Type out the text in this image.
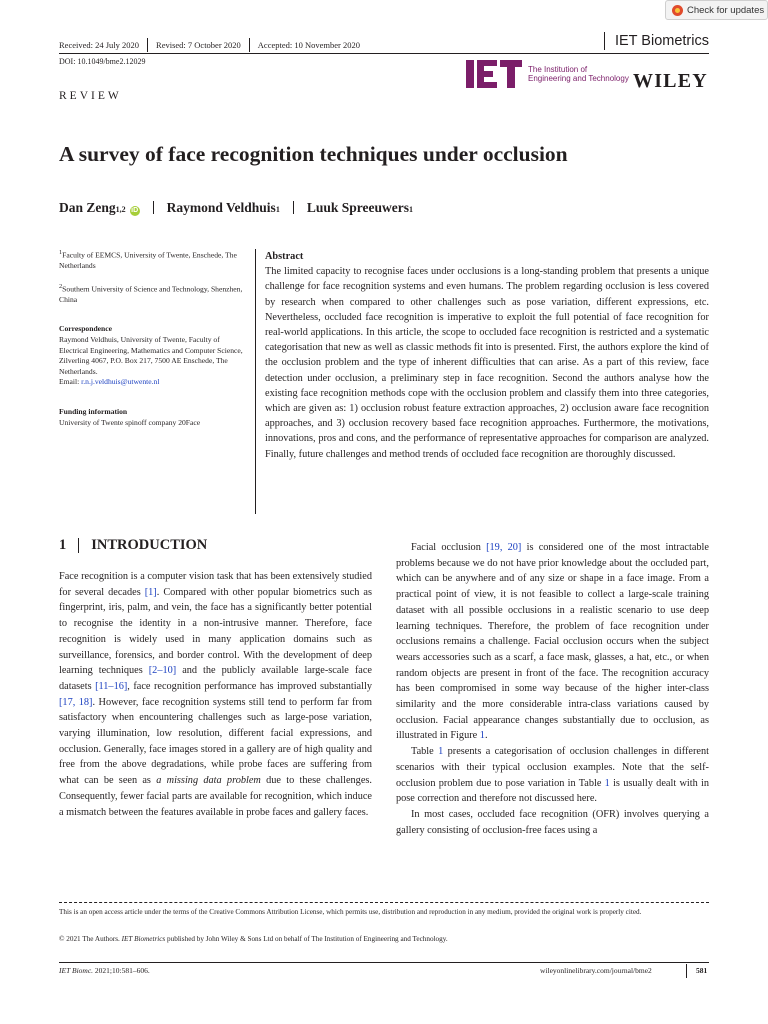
Check for updates
Received: 24 July 2020 Revised: 7 October 2020 Accepted: 10 November 2020	IET Biometrics
DOI: 10.1049/bme2.12029
The Institution of
Engineering and Technology WILEY
REVIEW
A survey of face recognition techniques under occlusion
Dan Zeng 1,2 iD Raymond Veldhuis 1 Luuk Spreeuwers 1

$^1$Faculty of EEMCS, University of Twente, Enschede, The Netherlands

$^2$Southern University of Science and Technology, Shenzhen, China

Correspondence

Raymond Veldhuis, University of Twente, Faculty of Electrical Engineering, Mathematics and Computer Science, Zilverling 4067, P.O. Box 217, 7500 AE Enschede, The Netherlands.
Email: r.n.j.veldhuis@utwente.nl

Funding information

University of Twente spinoff company 20Face

Abstract
The limited capacity to recognise faces under occlusions is a long-standing problem that presents a unique challenge for face recognition systems and even humans. The problem regarding occlusion is less covered by research when compared to other challenges such as pose variation, different expressions, etc. Nevertheless, occluded face recognition is imperative to exploit the full potential of face recognition for real-world applications. In this article, the scope to occluded face recognition is restricted and a systematic categorisation that new as well as classic methods fit into is presented. First, the authors explore the kind of the occlusion problem and the type of inherent difficulties that can arise. As a part of this review, face detection under occlusion, a preliminary step in face recognition. Second the authors analyse how the existing face recognition methods cope with the occlusion problem and classify them into three categories, which are given as: 1) occlusion robust feature extraction approaches, 2) occlusion aware face recognition approaches, and 3) occlusion recovery based face recognition approaches. Furthermore, the motivations, innovations, pros and cons, and the performance of representative approaches for comparison are analyzed. Finally, future challenges and method trends of occluded face recognition are thoroughly discussed.
1 INTRODUCTION

Face recognition is a computer vision task that has been extensively studied for several decades [1]. Compared with other popular biometrics such as fingerprint, iris, palm, and vein, the face has a significantly better potential to recognise the identity in a non-intrusive manner. Therefore, face recognition is widely used in many application domains such as surveillance, forensics, and border control. With the development of deep learning techniques [2–10] and the publicly available large-scale face datasets [11–16], face recognition performance has improved substantially [17, 18]. However, face recognition systems still tend to perform far from satisfactory when encountering challenges such as large-pose variation, varying illumination, low resolution, different facial expressions, and occlusion. Generally, face images stored in a gallery are of high quality and free from the above degradations, while probe faces are suffering from what can be seen as a missing data problem due to these challenges. Consequently, fewer facial parts are available for recognition, which induce a mismatch between the features available in probe faces and gallery faces.

Facial occlusion [19, 20] is considered one of the most intractable problems because we do not have prior knowledge about the occluded part, which can be anywhere and of any size or shape in a face image. From a practical point of view, it is not feasible to collect a large-scale training dataset with all possible occlusions in a realistic scenario to use deep learning techniques. Therefore, the problem of face recognition under occlusions remains a challenge. Facial occlusion occurs when the subject wears accessories such as a scarf, a face mask, glasses, a hat, etc., or when random objects are present in front of the face. The recognition accuracy has been compromised in some way because of the higher inter-class similarity and the more considerable intra-class variations caused by occlusion. Facial appearance changes substantially due to occlusion, as illustrated in Figure 1.

Table 1 presents a categorisation of occlusion challenges in different scenarios with their typical occlusion examples. Note that the self-occlusion problem due to pose variation in Table 1 is usually dealt with in pose correction and therefore not discussed here.

In most cases, occluded face recognition (OFR) involves querying a gallery consisting of occlusion-free faces using a

This is an open access article under the terms of the Creative Commons Attribution License, which permits use, distribution and reproduction in any medium, provided the original work is properly cited.
© 2021 The Authors. IET Biometrics published by John Wiley & Sons Ltd on behalf of The Institution of Engineering and Technology.
IET Biomc. 2021;10:581–606.	wileyonlinelibrary.com/journal/bme2	581
